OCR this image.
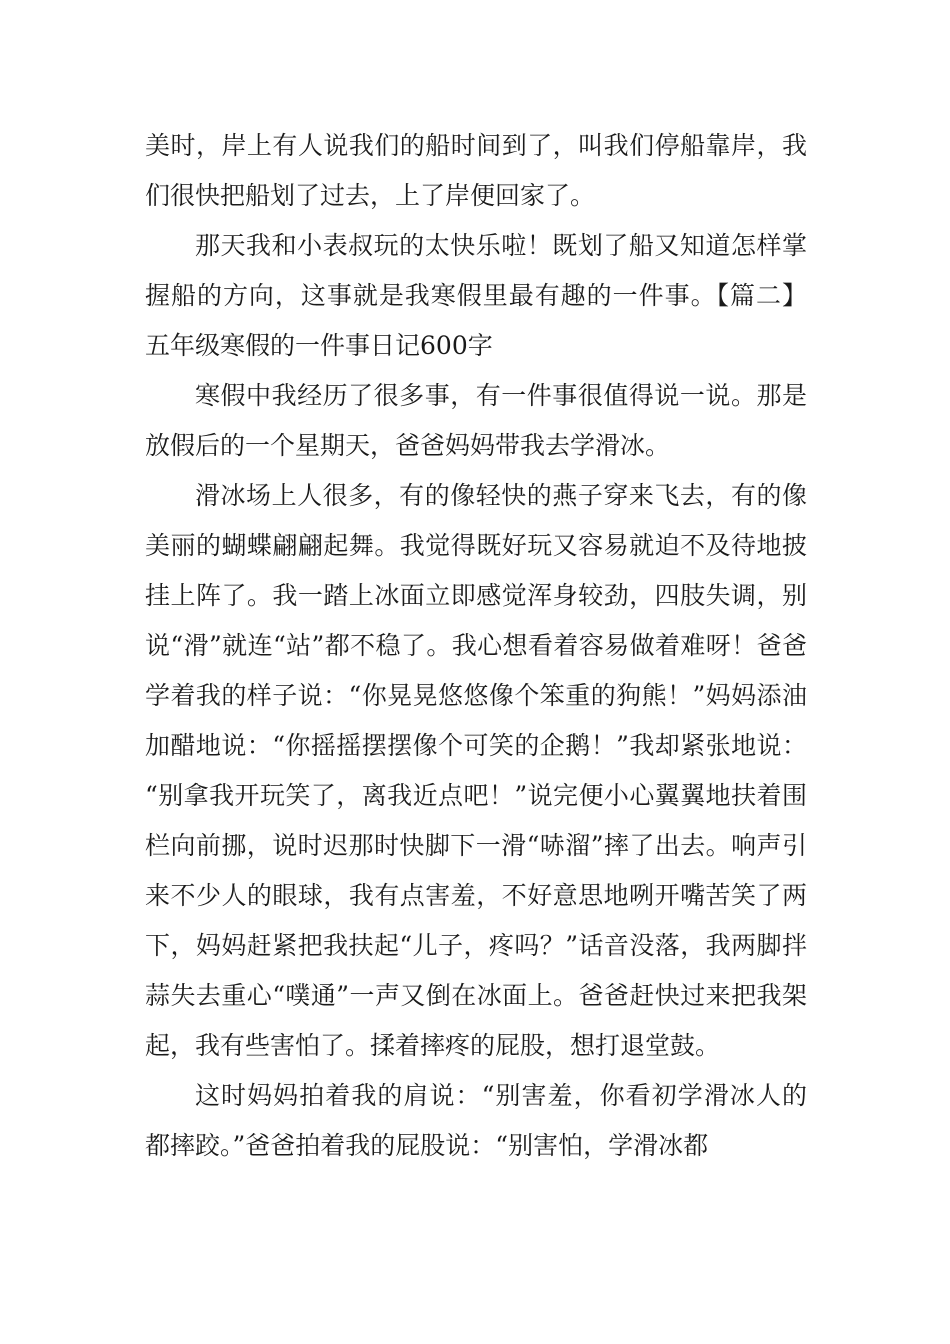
美时，岸上有人说我们的船时间到了，叫我们停船靠岸，我们很快把船划了过去，上了岸便回家了。

那天我和小表叔玩的太快乐啦！既划了船又知道怎样掌握船的方向，这事就是我寒假里最有趣的一件事。【篇二】五年级寒假的一件事日记600字

寒假中我经历了很多事，有一件事很值得说一说。那是放假后的一个星期天，爸爸妈妈带我去学滑冰。

滑冰场上人很多，有的像轻快的燕子穿来飞去，有的像美丽的蝴蝶翩翩起舞。我觉得既好玩又容易就迫不及待地披挂上阵了。我一踏上冰面立即感觉浑身较劲，四肢失调，别说“滑”就连“站”都不稳了。我心想看着容易做着难呀！爸爸学着我的样子说：“你晃晃悠悠像个笨重的狗熊！”妈妈添油加醋地说：“你摇摇摆摆像个可笑的企鹅！”我却紧张地说：“别拿我开玩笑了，离我近点吧！”说完便小心翼翼地扶着围栏向前挪，说时迟那时快脚下一滑“哧溜”摔了出去。响声引来不少人的眼球，我有点害羞，不好意思地咧开嘴苦笑了两下，妈妈赶紧把我扶起“儿子，疼吗？”话音没落，我两脚拌蒜失去重心“噗通”一声又倒在冰面上。爸爸赶快过来把我架起，我有些害怕了。揉着摔疼的屁股，想打退堂鼓。

这时妈妈拍着我的肩说：“别害羞，你看初学滑冰人的都摔跤。”爸爸拍着我的屁股说：“别害怕，学滑冰都
